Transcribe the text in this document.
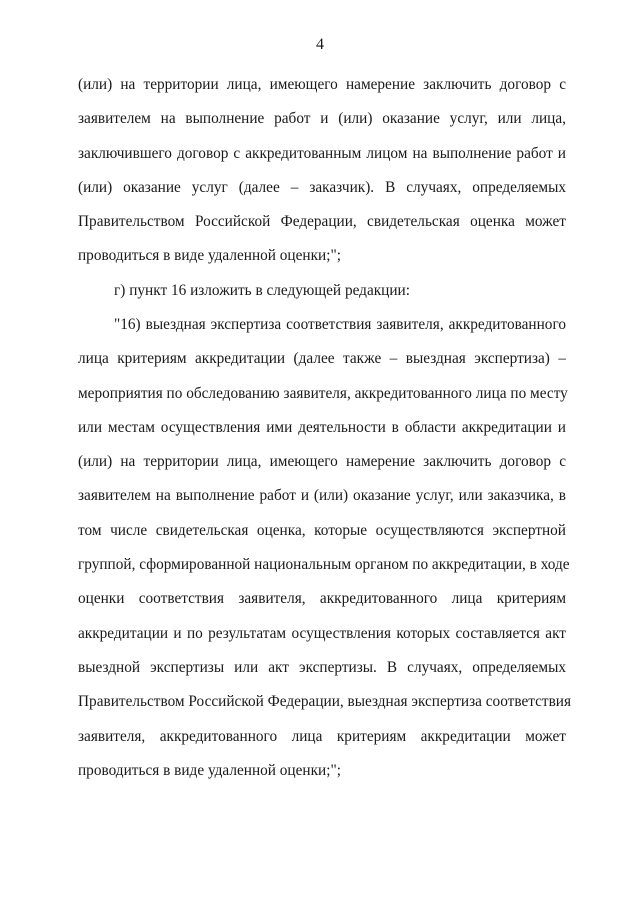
4
(или) на территории лица, имеющего намерение заключить договор с
заявителем на выполнение работ и (или) оказание услуг, или лица,
заключившего договор с аккредитованным лицом на выполнение работ и
(или) оказание услуг (далее – заказчик). В случаях, определяемых
Правительством Российской Федерации, свидетельская оценка может
проводиться в виде удаленной оценки;";
г) пункт 16 изложить в следующей редакции:
"16) выездная экспертиза соответствия заявителя, аккредитованного
лица критериям аккредитации (далее также – выездная экспертиза) –
мероприятия по обследованию заявителя, аккредитованного лица по месту
или местам осуществления ими деятельности в области аккредитации и
(или) на территории лица, имеющего намерение заключить договор с
заявителем на выполнение работ и (или) оказание услуг, или заказчика, в
том числе свидетельская оценка, которые осуществляются экспертной
группой, сформированной национальным органом по аккредитации, в ходе
оценки соответствия заявителя, аккредитованного лица критериям
аккредитации и по результатам осуществления которых составляется акт
выездной экспертизы или акт экспертизы. В случаях, определяемых
Правительством Российской Федерации, выездная экспертиза соответствия
заявителя, аккредитованного лица критериям аккредитации может
проводиться в виде удаленной оценки;";
